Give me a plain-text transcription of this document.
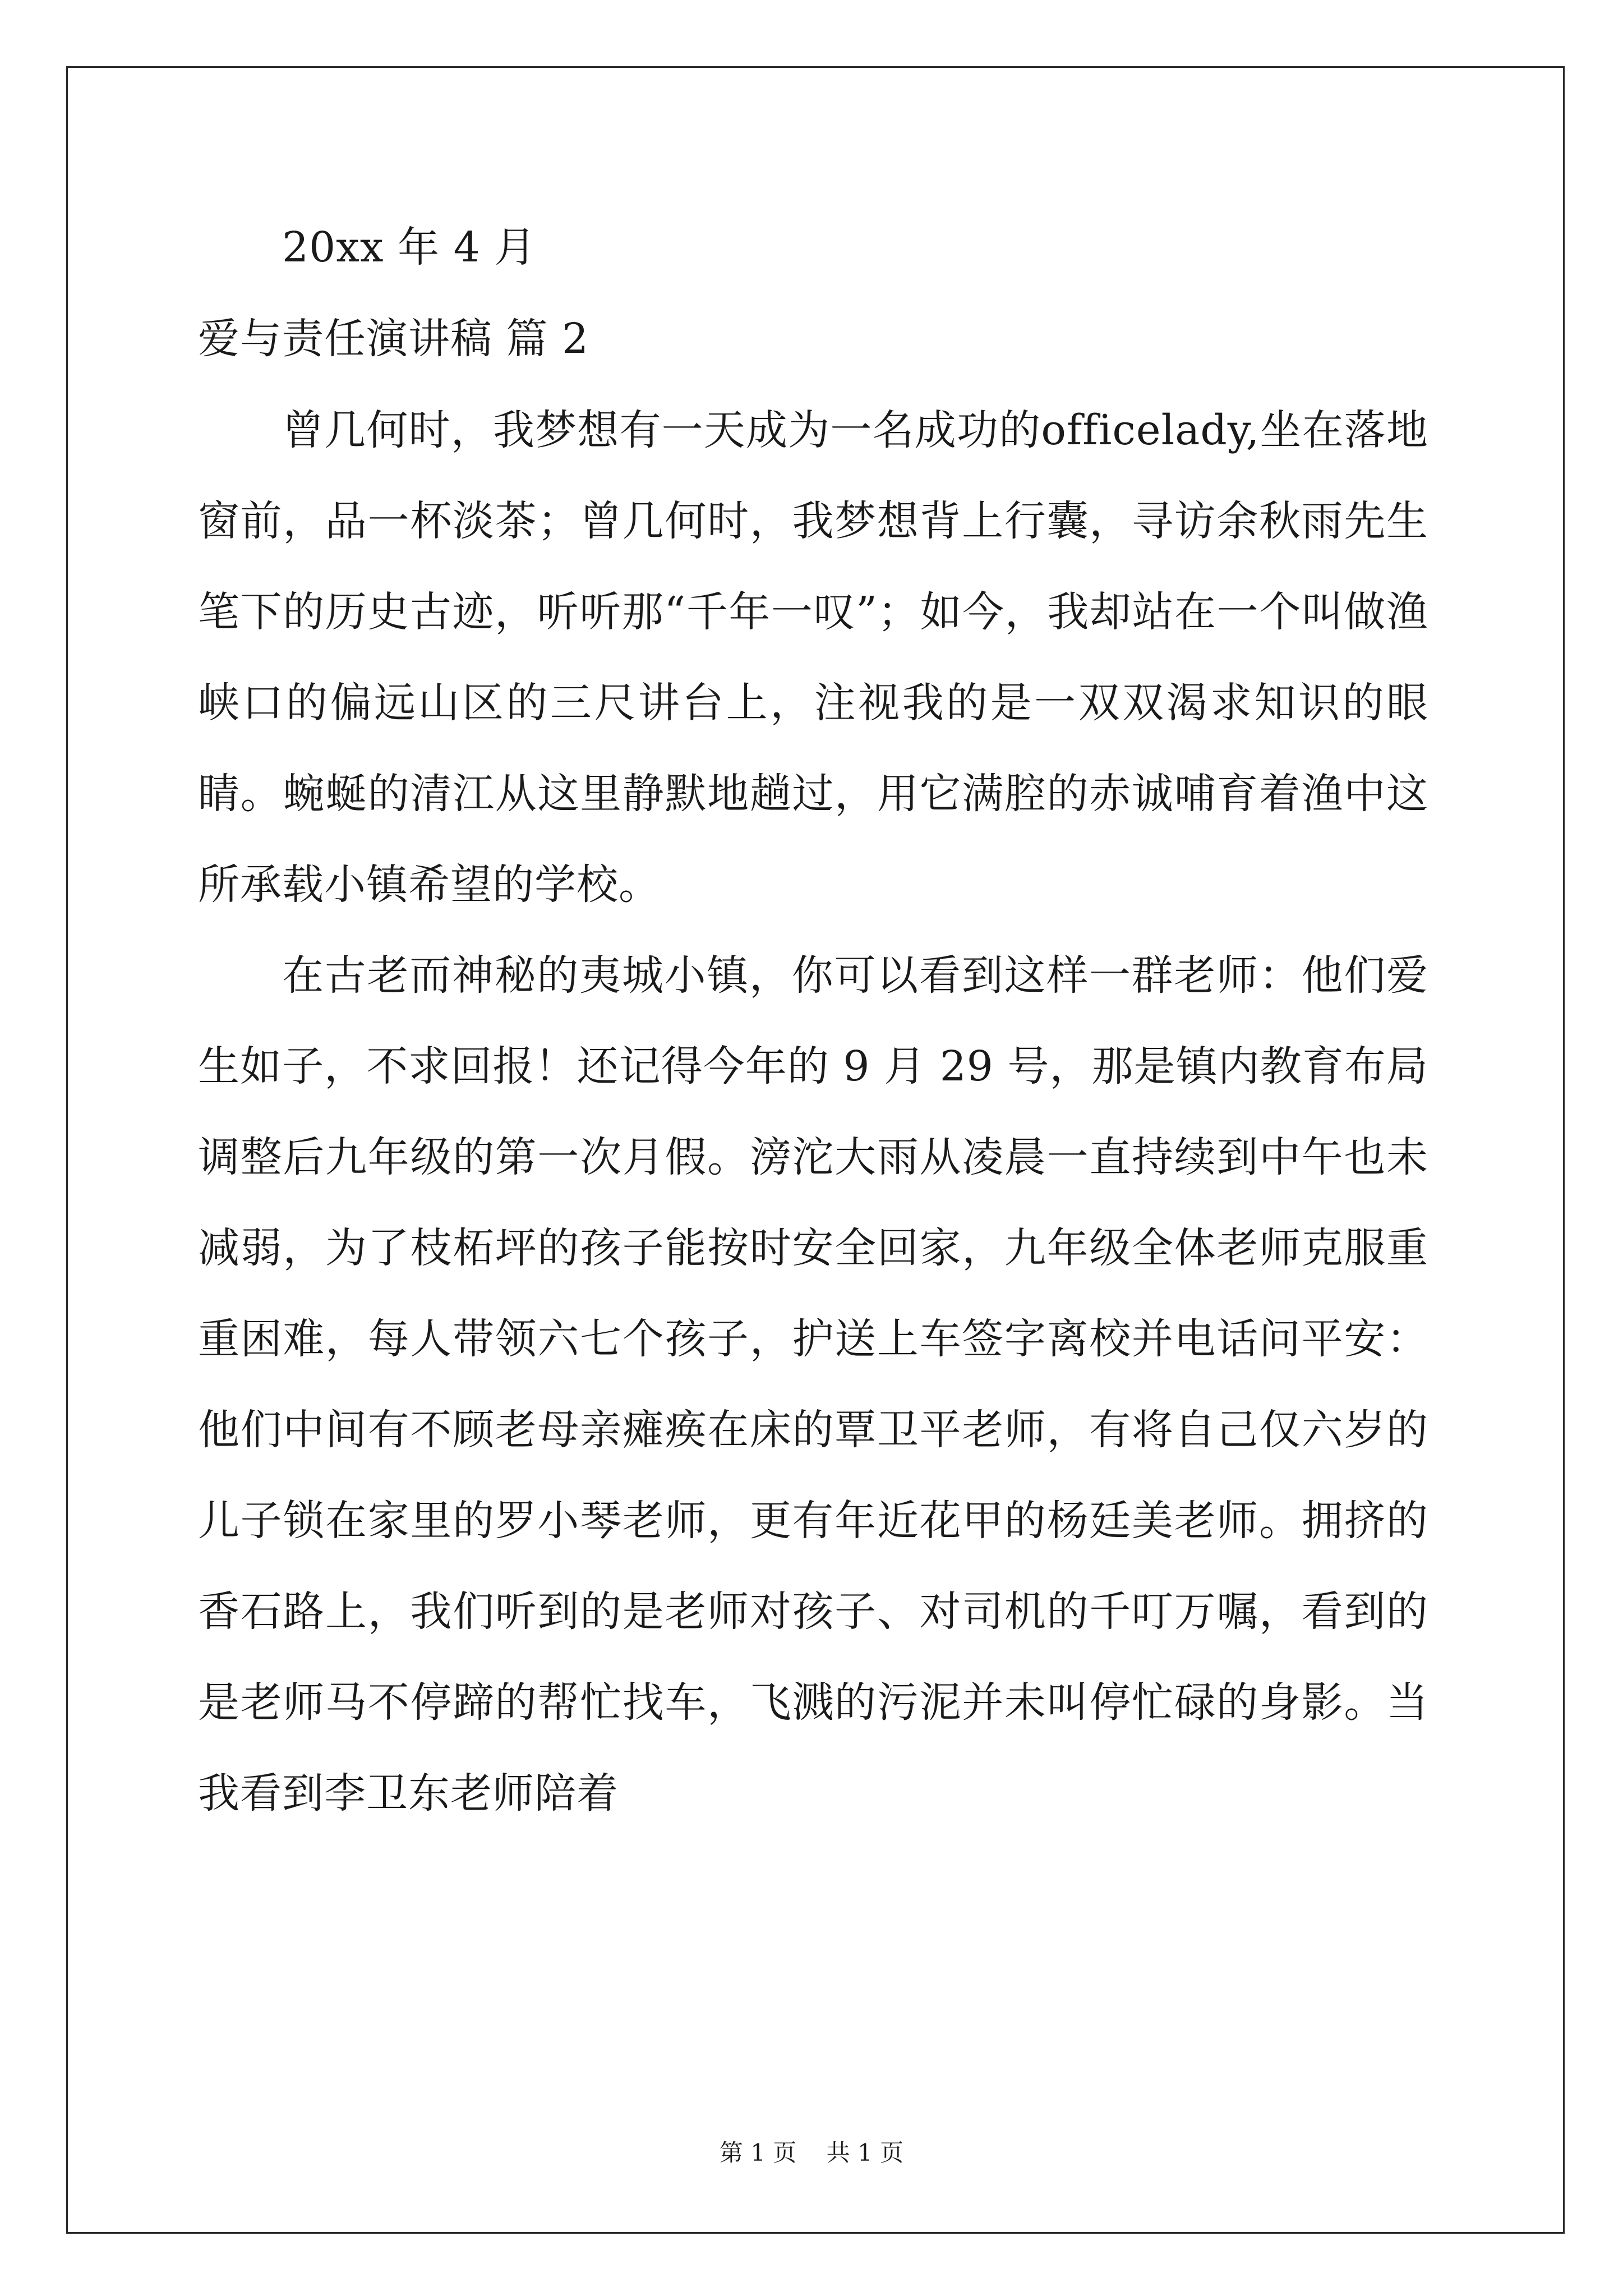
20xx 年 4 月
爱与责任演讲稿 篇 2

曾几何时，我梦想有一天成为一名成功的officelady,坐在落地窗前，品一杯淡茶；曾几何时，我梦想背上行囊，寻访余秋雨先生笔下的历史古迹，听听那“千年一叹”；如今，我却站在一个叫做渔峡口的偏远山区的三尺讲台上，注视我的是一双双渴求知识的眼睛。蜿蜒的清江从这里静默地趟过，用它满腔的赤诚哺育着渔中这所承载小镇希望的学校。

在古老而神秘的夷城小镇，你可以看到这样一群老师：他们爱生如子，不求回报！还记得今年的 9 月 29 号，那是镇内教育布局调整后九年级的第一次月假。滂沱大雨从凌晨一直持续到中午也未减弱，为了枝柘坪的孩子能按时安全回家，九年级全体老师克服重重困难，每人带领六七个孩子，护送上车签字离校并电话问平安：他们中间有不顾老母亲瘫痪在床的覃卫平老师，有将自己仅六岁的儿子锁在家里的罗小琴老师，更有年近花甲的杨廷美老师。拥挤的香石路上，我们听到的是老师对孩子、对司机的千叮万嘱，看到的是老师马不停蹄的帮忙找车，飞溅的污泥并未叫停忙碌的身影。当我看到李卫东老师陪着

第 1 页 共 1 页
